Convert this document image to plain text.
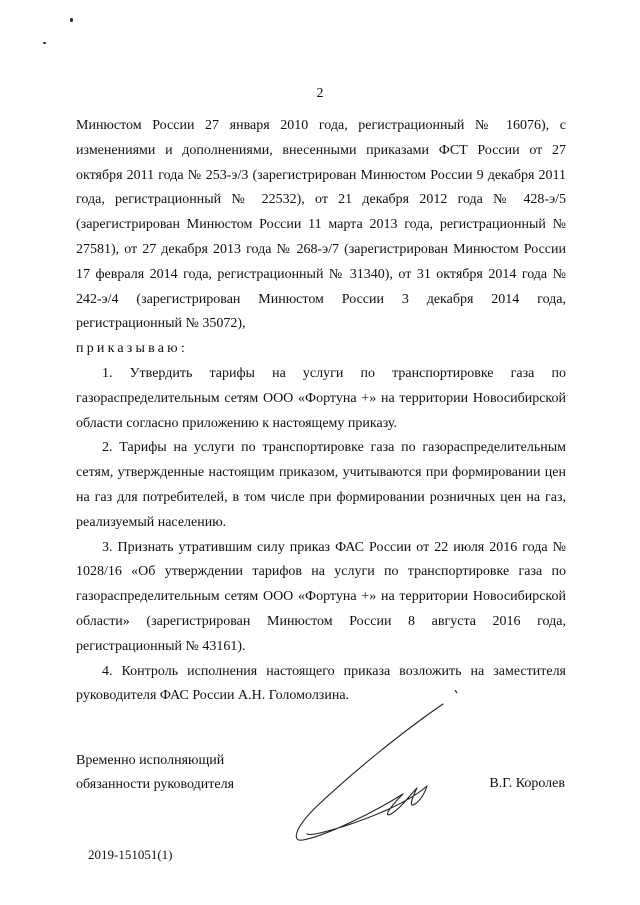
2

Минюстом России 27 января 2010 года, регистрационный № 16076), с изменениями и дополнениями, внесенными приказами ФСТ России от 27 октября 2011 года № 253-э/3 (зарегистрирован Минюстом России 9 декабря 2011 года, регистрационный № 22532), от 21 декабря 2012 года № 428-э/5 (зарегистрирован Минюстом России 11 марта 2013 года, регистрационный № 27581), от 27 декабря 2013 года № 268-э/7 (зарегистрирован Минюстом России 17 февраля 2014 года, регистрационный № 31340), от 31 октября 2014 года № 242-э/4 (зарегистрирован Минюстом России 3 декабря 2014 года, регистрационный № 35072),

приказываю:

1. Утвердить тарифы на услуги по транспортировке газа по газораспределительным сетям ООО «Фортуна +» на территории Новосибирской области согласно приложению к настоящему приказу.

2. Тарифы на услуги по транспортировке газа по газораспределительным сетям, утвержденные настоящим приказом, учитываются при формировании цен на газ для потребителей, в том числе при формировании розничных цен на газ, реализуемый населению.

3. Признать утратившим силу приказ ФАС России от 22 июля 2016 года № 1028/16 «Об утверждении тарифов на услуги по транспортировке газа по газораспределительным сетям ООО «Фортуна +» на территории Новосибирской области» (зарегистрирован Минюстом России 8 августа 2016 года, регистрационный № 43161).

4. Контроль исполнения настоящего приказа возложить на заместителя руководителя ФАС России А.Н. Голомолзина.

Временно исполняющий
обязанности руководителя	В.Г. Королев
2019-151051(1)
